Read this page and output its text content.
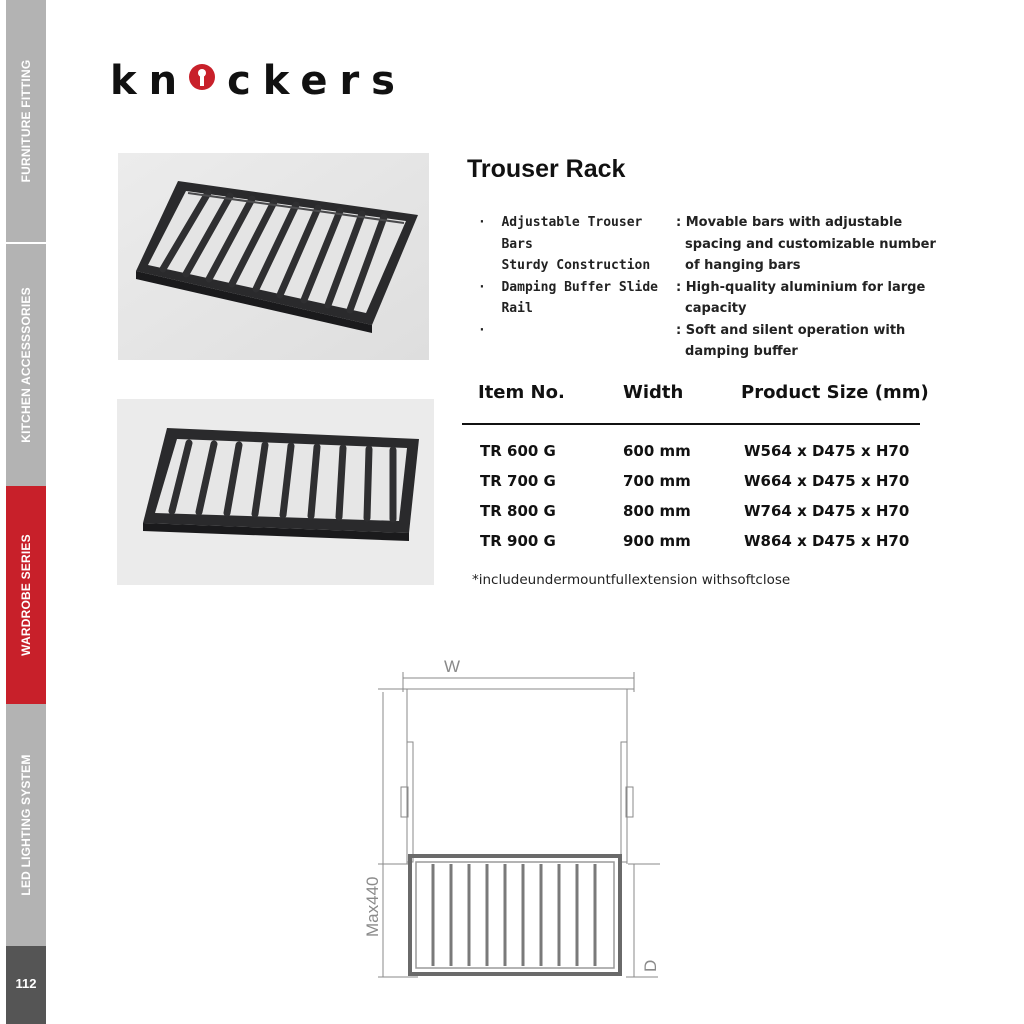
FURNITURE FITTING
KITCHEN ACCESSSORIES
WARDROBE SERIES
LED LIGHTING SYSTEM
112
kn ckers
Trouser Rack
·  Adjustable Trouser
Bars
Sturdy Construction
·  Damping Buffer Slide
Rail
·
: Movable bars with adjustable
spacing and customizable number
of hanging bars
: High-quality aluminium for large
capacity
: Soft and silent operation with
damping buffer
Item No.	Width	Product Size (mm)
TR 600 G	600 mm	W564 x D475 x H70
TR 700 G	700 mm	W664 x D475 x H70
TR 800 G	800 mm	W764 x D475 x H70
TR 900 G	900 mm	W864 x D475 x H70
*includeundermountfullextension withsoftclose
W
Max440
D
